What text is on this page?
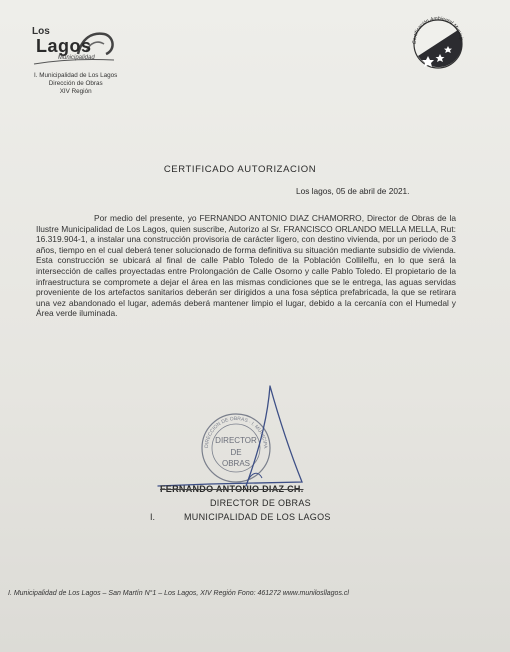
Los
Lagos
Municipalidad
I. Municipalidad de Los Lagos
Dirección de Obras
XIV Región
Certificación Ambiental Municip
CERTIFICADO AUTORIZACION
Los lagos, 05 de abril de 2021.
Por medio del presente, yo FERNANDO ANTONIO DIAZ CHAMORRO, Director de Obras de la Ilustre Municipalidad de Los Lagos, quien suscribe, Autorizo al Sr. FRANCISCO ORLANDO MELLA MELLA, Rut: 16.319.904-1, a instalar una construcción provisoria de carácter ligero, con destino vivienda, por un periodo de 3 años, tiempo en el cual deberá tener solucionado de forma definitiva su situación mediante subsidio de vivienda. Esta construcción se ubicará al final de calle Pablo Toledo de la Población Collilelfu, en lo que será la intersección de calles proyectadas entre Prolongación de Calle Osorno y calle Pablo Toledo. El propietario de la infraestructura se compromete a dejar el área en las mismas condiciones que se le entrega, las aguas servidas proveniente de los artefactos sanitarios deberán ser dirigidos a una fosa séptica prefabricada, la que se retirara una vez abandonado el lugar, además deberá mantener limpio el lugar, debido a la cercanía con el Humedal y Área verde iluminada.
DIRECCION DE OBRAS · I. MUNICIPA
DIRECTOR
DE
OBRAS
FERNANDO ANTONIO DIAZ CH.
DIRECTOR DE OBRAS
I.	MUNICIPALIDAD DE LOS LAGOS
I. Municipalidad de Los Lagos – San Martín N°1 – Los Lagos, XIV Región Fono: 461272 www.munilosllagos.cl
